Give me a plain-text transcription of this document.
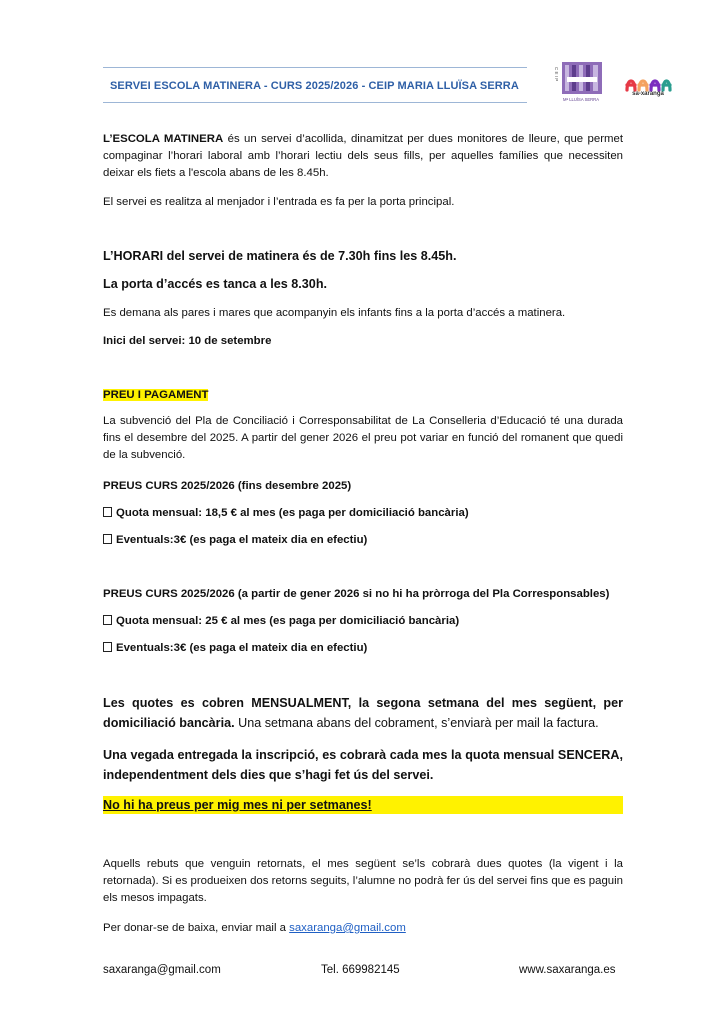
SERVEI ESCOLA MATINERA - CURS 2025/2026 - CEIP MARIA LLUÏSA SERRA
C E I P
Mª LLUÏSA SERRA
sa-xaranga
L’ESCOLA MATINERA és un servei d’acollida, dinamitzat per dues monitores de lleure, que permet compaginar l’horari laboral amb l’horari lectiu dels seus fills, per aquelles famílies que necessiten deixar els fiets a l'escola abans de les 8.45h.
El servei es realitza al menjador i l’entrada es fa per la porta principal.
L’HORARI del servei de matinera és de 7.30h fins les 8.45h.
La porta d’accés es tanca a les 8.30h.
Es demana als pares i mares que acompanyin els infants fins a la porta d’accés a matinera.
Inici del servei: 10 de setembre
PREU I PAGAMENT
La subvenció del Pla de Conciliació i Corresponsabilitat de La Conselleria d’Educació té una durada fins el desembre del 2025. A partir del gener 2026 el preu pot variar en funció del romanent que quedi de la subvenció.
PREUS CURS 2025/2026 (fins desembre 2025)
Quota mensual: 18,5 € al mes (es paga per domiciliació bancària)
Eventuals:3€ (es paga el mateix dia en efectiu)
PREUS CURS 2025/2026 (a partir de gener 2026 si no hi ha pròrroga del Pla Corresponsables)
Quota mensual: 25 € al mes (es paga per domiciliació bancària)
Eventuals:3€ (es paga el mateix dia en efectiu)
Les quotes es cobren MENSUALMENT, la segona setmana del mes següent, per domiciliació bancària. Una setmana abans del cobrament, s’enviarà per mail la factura.
Una vegada entregada la inscripció, es cobrarà cada mes la quota mensual SENCERA, independentment dels dies que s’hagi fet ús del servei.
No hi ha preus per mig mes ni per setmanes!
Aquells rebuts que venguin retornats, el mes següent se’ls cobrarà dues quotes (la vigent i la retornada). Si es produeixen dos retorns seguits, l’alumne no podrà fer ús del servei fins que es paguin els mesos impagats.
Per donar-se de baixa, enviar mail a saxaranga@gmail.com
saxaranga@gmail.com	Tel. 669982145	www.saxaranga.es
